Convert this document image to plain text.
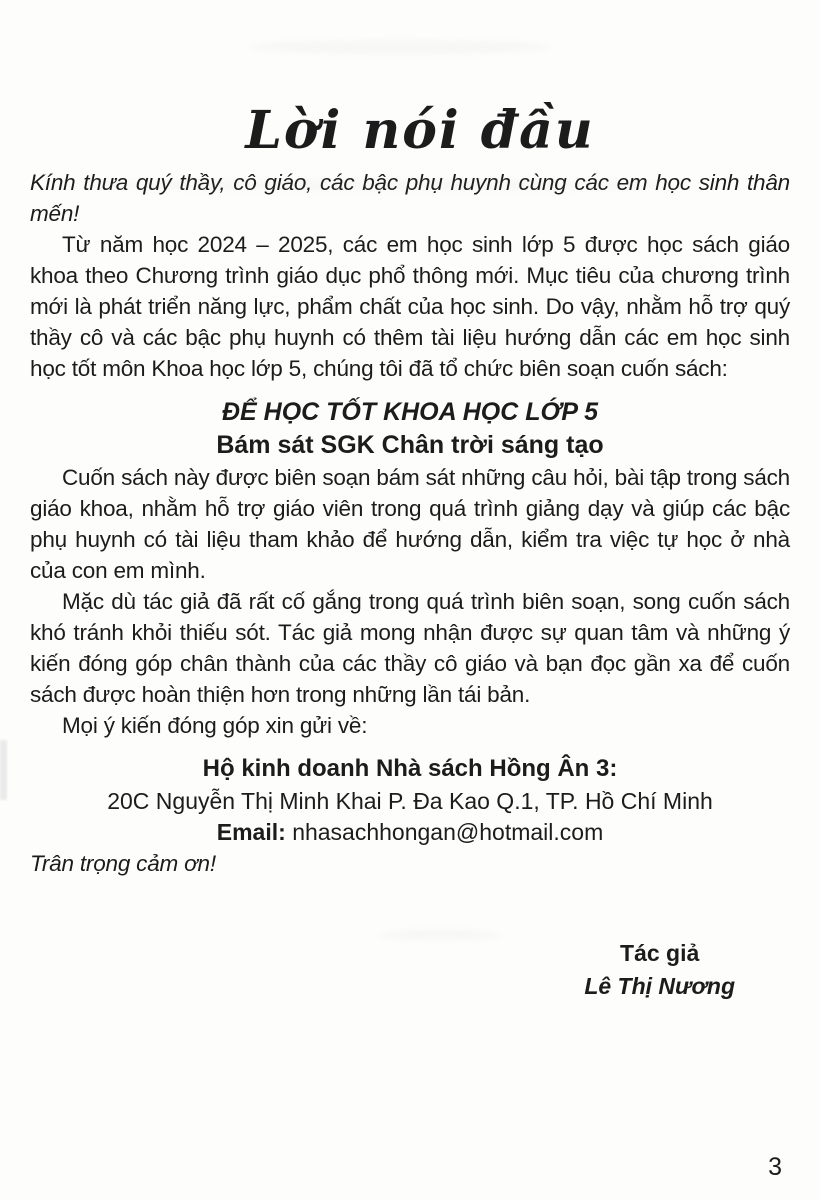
Lời nói đầu

Kính thưa quý thầy, cô giáo, các bậc phụ huynh cùng các em học sinh thân mến!

Từ năm học 2024 – 2025, các em học sinh lớp 5 được học sách giáo khoa theo Chương trình giáo dục phổ thông mới. Mục tiêu của chương trình mới là phát triển năng lực, phẩm chất của học sinh. Do vậy, nhằm hỗ trợ quý thầy cô và các bậc phụ huynh có thêm tài liệu hướng dẫn các em học sinh học tốt môn Khoa học lớp 5, chúng tôi đã tổ chức biên soạn cuốn sách:

ĐỂ HỌC TỐT KHOA HỌC LỚP 5
Bám sát SGK Chân trời sáng tạo

Cuốn sách này được biên soạn bám sát những câu hỏi, bài tập trong sách giáo khoa, nhằm hỗ trợ giáo viên trong quá trình giảng dạy và giúp các bậc phụ huynh có tài liệu tham khảo để hướng dẫn, kiểm tra việc tự học ở nhà của con em mình.

Mặc dù tác giả đã rất cố gắng trong quá trình biên soạn, song cuốn sách khó tránh khỏi thiếu sót. Tác giả mong nhận được sự quan tâm và những ý kiến đóng góp chân thành của các thầy cô giáo và bạn đọc gần xa để cuốn sách được hoàn thiện hơn trong những lần tái bản.

Mọi ý kiến đóng góp xin gửi về:

Hộ kinh doanh Nhà sách Hồng Ân 3:
20C Nguyễn Thị Minh Khai P. Đa Kao Q.1, TP. Hồ Chí Minh
Email: nhasachhongan@hotmail.com

Trân trọng cảm ơn!

Tác giả
Lê Thị Nương
3
